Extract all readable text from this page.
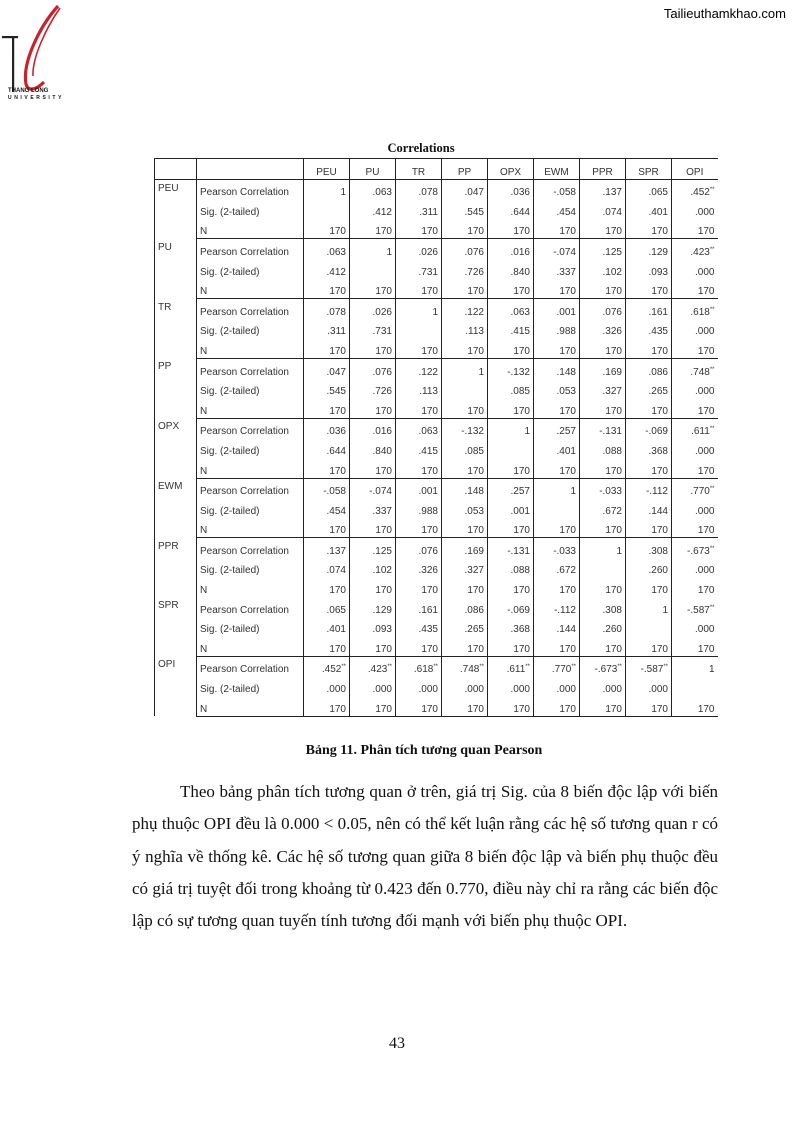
Tailieuthamkhao.com
THANG LONG
UNIVERSITY
Correlations
		PEU	PU	TR	PP	OPX	EWM	PPR	SPR	OPI
PEU	Pearson Correlation	1	.063	.078	.047	.036	-.058	.137	.065	.452**
	Sig. (2-tailed)		.412	.311	.545	.644	.454	.074	.401	.000
	N	170	170	170	170	170	170	170	170	170
PU	Pearson Correlation	.063	1	.026	.076	.016	-.074	.125	.129	.423**
	Sig. (2-tailed)	.412		.731	.726	.840	.337	.102	.093	.000
	N	170	170	170	170	170	170	170	170	170
TR	Pearson Correlation	.078	.026	1	.122	.063	.001	.076	.161	.618**
	Sig. (2-tailed)	.311	.731		.113	.415	.988	.326	.435	.000
	N	170	170	170	170	170	170	170	170	170
PP	Pearson Correlation	.047	.076	.122	1	-.132	.148	.169	.086	.748**
	Sig. (2-tailed)	.545	.726	.113		.085	.053	.327	.265	.000
	N	170	170	170	170	170	170	170	170	170
OPX	Pearson Correlation	.036	.016	.063	-.132	1	.257	-.131	-.069	.611**
	Sig. (2-tailed)	.644	.840	.415	.085		.401	.088	.368	.000
	N	170	170	170	170	170	170	170	170	170
EWM	Pearson Correlation	-.058	-.074	.001	.148	.257	1	-.033	-.112	.770**
	Sig. (2-tailed)	.454	.337	.988	.053	.001		.672	.144	.000
	N	170	170	170	170	170	170	170	170	170
PPR	Pearson Correlation	.137	.125	.076	.169	-.131	-.033	1	.308	-.673**
	Sig. (2-tailed)	.074	.102	.326	.327	.088	.672		.260	.000
	N	170	170	170	170	170	170	170	170	170
SPR	Pearson Correlation	.065	.129	.161	.086	-.069	-.112	.308	1	-.587**
	Sig. (2-tailed)	.401	.093	.435	.265	.368	.144	.260		.000
	N	170	170	170	170	170	170	170	170	170
OPI	Pearson Correlation	.452**	.423**	.618**	.748**	.611**	.770**	-.673**	-.587**	1
	Sig. (2-tailed)	.000	.000	.000	.000	.000	.000	.000	.000	
	N	170	170	170	170	170	170	170	170	170
Bảng 11. Phân tích tương quan Pearson

Theo bảng phân tích tương quan ở trên, giá trị Sig. của 8 biến độc lập với biến phụ thuộc OPI đều là 0.000 < 0.05, nên có thể kết luận rằng các hệ số tương quan r có ý nghĩa về thống kê. Các hệ số tương quan giữa 8 biến độc lập và biến phụ thuộc đều có giá trị tuyệt đối trong khoảng từ 0.423 đến 0.770, điều này chỉ ra rằng các biến độc lập có sự tương quan tuyến tính tương đối mạnh với biến phụ thuộc OPI.

43
